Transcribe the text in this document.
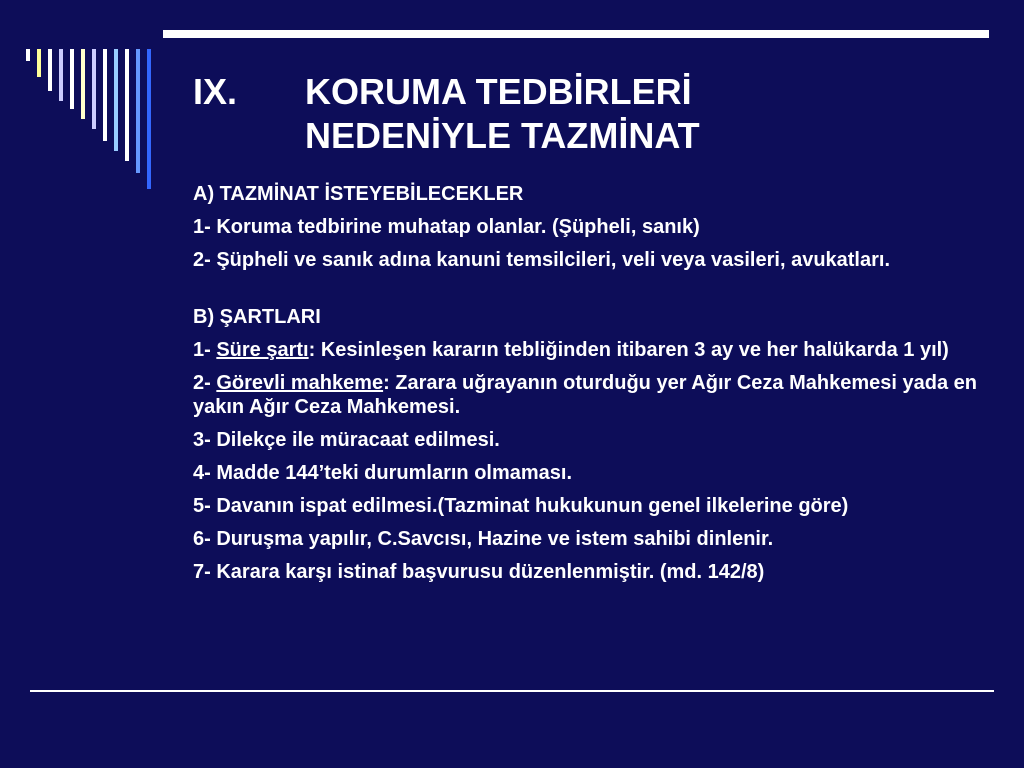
IX. KORUMA TEDBİRLERİ
NEDENİYLE TAZMİNAT

A) TAZMİNAT İSTEYEBİLECEKLER

1- Koruma tedbirine muhatap olanlar. (Şüpheli, sanık)

2- Şüpheli ve sanık adına kanuni temsilcileri, veli veya vasileri, avukatları.

B) ŞARTLARI

1- Süre şartı: Kesinleşen kararın tebliğinden itibaren 3 ay ve her halükarda 1 yıl)

2- Görevli mahkeme: Zarara uğrayanın oturduğu yer Ağır Ceza Mahkemesi yada en yakın Ağır Ceza Mahkemesi.

3- Dilekçe ile müracaat edilmesi.

4- Madde 144’teki durumların olmaması.

5- Davanın ispat edilmesi.(Tazminat hukukunun genel ilkelerine göre)

6- Duruşma yapılır, C.Savcısı, Hazine ve istem sahibi dinlenir.

7- Karara karşı istinaf başvurusu düzenlenmiştir. (md. 142/8)
